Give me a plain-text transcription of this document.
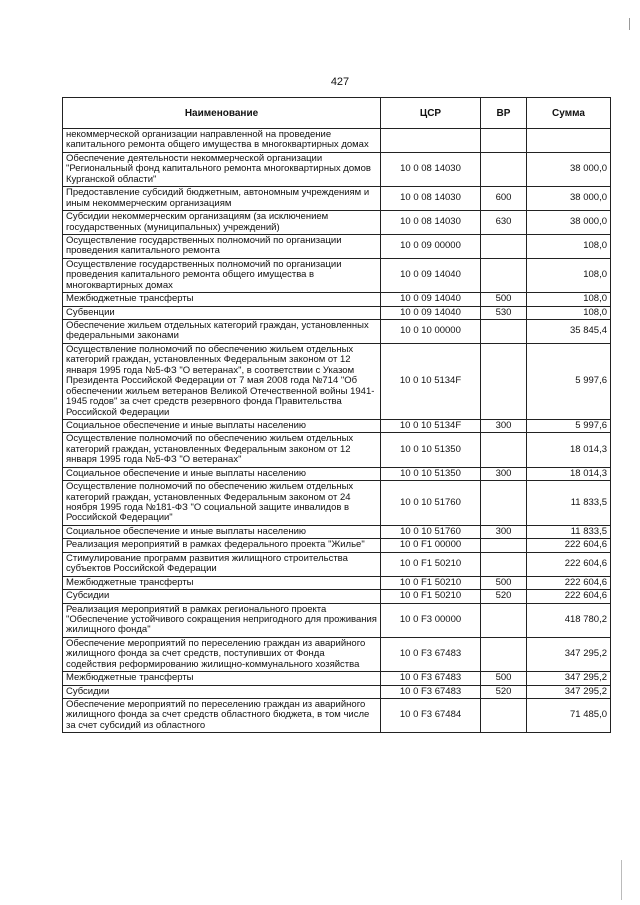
427
Наименование	ЦСР	ВР	Сумма
некоммерческой организации направленной на проведение капитального ремонта общего имущества в многоквартирных домах			
Обеспечение деятельности некоммерческой организации "Региональный фонд капитального ремонта многоквартирных домов Курганской области"	10 0 08 14030		38 000,0
Предоставление субсидий бюджетным, автономным учреждениям и иным некоммерческим организациям	10 0 08 14030	600	38 000,0
Субсидии некоммерческим организациям (за исключением государственных (муниципальных) учреждений)	10 0 08 14030	630	38 000,0
Осуществление государственных полномочий по организации проведения капитального ремонта	10 0 09 00000		108,0
Осуществление государственных полномочий по организации проведения капитального ремонта общего имущества в многоквартирных домах	10 0 09 14040		108,0
Межбюджетные трансферты	10 0 09 14040	500	108,0
Субвенции	10 0 09 14040	530	108,0
Обеспечение жильем отдельных категорий граждан, установленных федеральными законами	10 0 10 00000		35 845,4
Осуществление полномочий по обеспечению жильем отдельных категорий граждан, установленных Федеральным законом от 12 января 1995 года №5-ФЗ "О ветеранах", в соответствии с Указом Президента Российской Федерации от 7 мая 2008 года №714 "Об обеспечении жильем ветеранов Великой Отечественной войны 1941-1945 годов" за счет средств резервного фонда Правительства Российской Федерации	10 0 10 5134F		5 997,6
Социальное обеспечение и иные выплаты населению	10 0 10 5134F	300	5 997,6
Осуществление полномочий по обеспечению жильем отдельных категорий граждан, установленных Федеральным законом от 12 января 1995 года №5-ФЗ "О ветеранах"	10 0 10 51350		18 014,3
Социальное обеспечение и иные выплаты населению	10 0 10 51350	300	18 014,3
Осуществление полномочий по обеспечению жильем отдельных категорий граждан, установленных Федеральным законом от 24 ноября 1995 года №181-ФЗ "О социальной защите инвалидов в Российской Федерации"	10 0 10 51760		11 833,5
Социальное обеспечение и иные выплаты населению	10 0 10 51760	300	11 833,5
Реализация мероприятий в рамках федерального проекта "Жилье"	10 0 F1 00000		222 604,6
Стимулирование программ развития жилищного строительства субъектов Российской Федерации	10 0 F1 50210		222 604,6
Межбюджетные трансферты	10 0 F1 50210	500	222 604,6
Субсидии	10 0 F1 50210	520	222 604,6
Реализация мероприятий в рамках регионального проекта "Обеспечение устойчивого сокращения непригодного для проживания жилищного фонда"	10 0 F3 00000		418 780,2
Обеспечение мероприятий по переселению граждан из аварийного жилищного фонда за счет средств, поступивших от Фонда содействия реформированию жилищно-коммунального хозяйства	10 0 F3 67483		347 295,2
Межбюджетные трансферты	10 0 F3 67483	500	347 295,2
Субсидии	10 0 F3 67483	520	347 295,2
Обеспечение мероприятий по переселению граждан из аварийного жилищного фонда за счет средств областного бюджета, в том числе за счет субсидий из областного	10 0 F3 67484		71 485,0
